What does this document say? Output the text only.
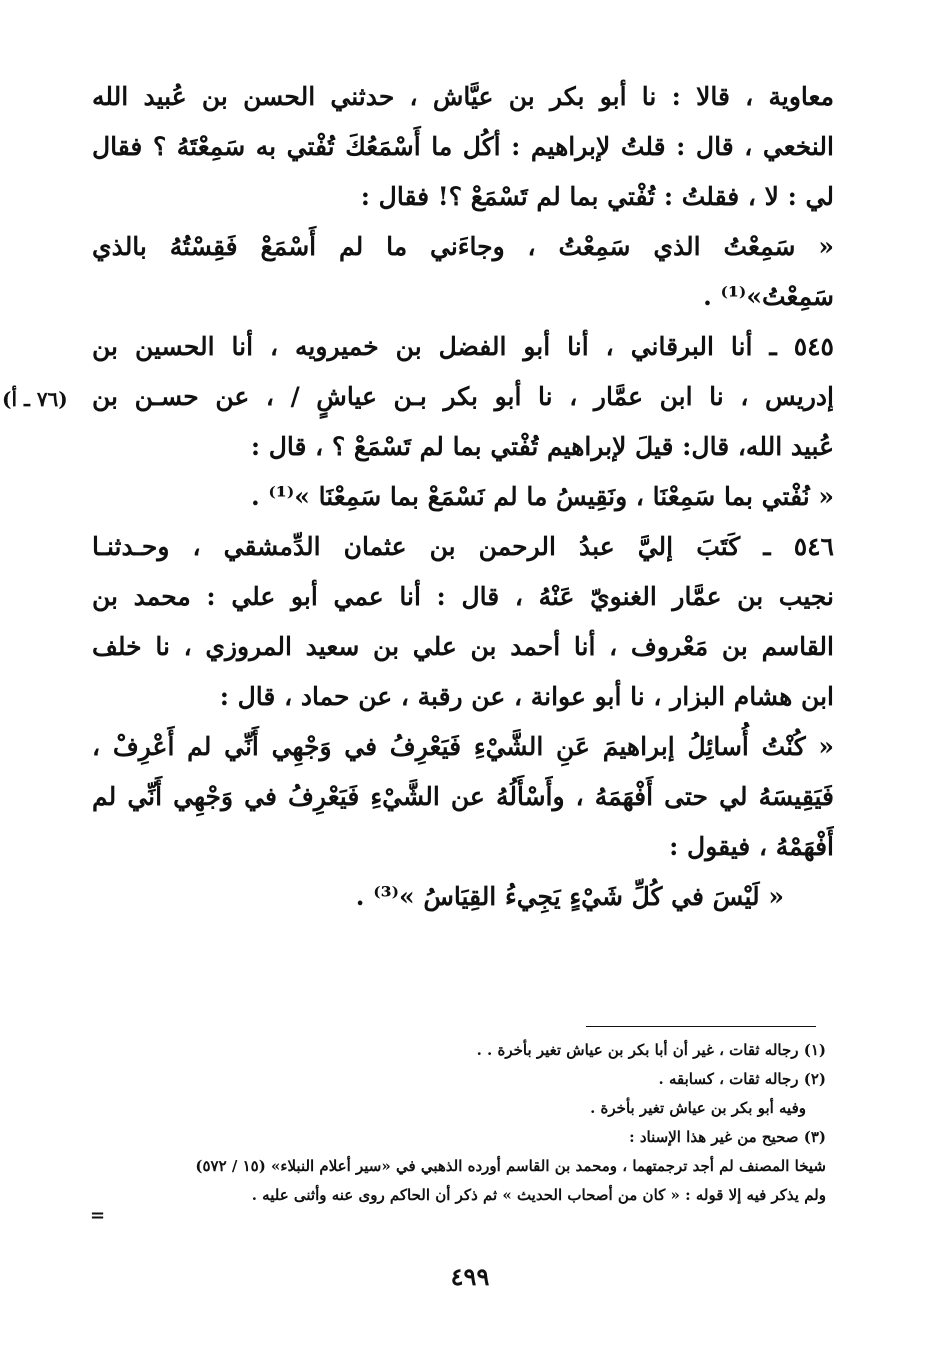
معاوية ، قالا : نا أبو بكر بن عيَّاش ، حدثني الحسن بن عُبيد الله
النخعي ، قال : قلتُ لإبراهيم : أكُل ما أَسْمَعُكَ تُفْتي به سَمِعْتَهُ ؟ فقال
لي : لا ، فقلتُ : تُفْتي بما لم تَسْمَعْ ؟! فقال :
« سَمِعْتُ الذي سَمِعْتُ ، وجاءَني ما لم أَسْمَعْ فَقِسْتُهُ بالذي
سَمِعْتُ»⁽¹⁾ .
٥٤٥ ـ أنا البرقاني ، أنا أبو الفضل بن خميرويه ، أنا الحسين بن
إدريس ، نا ابن عمَّار ، نا أبو بكر بـن عياشٍ / ، عن حسـن بن
عُبيد الله، قال: قيلَ لإبراهيم تُفْتي بما لم تَسْمَعْ ؟ ، قال :
« نُفْتي بما سَمِعْنَا ، ونَقِيسُ ما لم نَسْمَعْ بما سَمِعْنَا »⁽¹⁾ .
٥٤٦ ـ كَتَبَ إليَّ عبدُ الرحمن بن عثمان الدِّمشقي ، وحـدثنـا
نجيب بن عمَّار الغنويّ عَنْهُ ، قال : أنا عمي أبو علي : محمد بن
القاسم بن مَعْروف ، أنا أحمد بن علي بن سعيد المروزي ، نا خلف
ابن هشام البزار ، نا أبو عوانة ، عن رقبة ، عن حماد ، قال :
« كُنْتُ أُسائِلُ إبراهيمَ عَنِ الشَّيْءِ فَيَعْرِفُ في وَجْهِي أَنِّي لم أَعْرِفْ ،
فَيَقِيسَهُ لي حتى أَفْهَمَهُ ، وأَسْأَلُهُ عن الشَّيْءِ فَيَعْرِفُ في وَجْهِي أَنِّي لم
أَفْهَمْهُ ، فيقول :
« لَيْسَ في كُلِّ شَيْءٍ يَجِيءُ القِيَاسُ »⁽³⁾ .
(٧٦ ـ أ)
(١) رجاله ثقات ، غير أن أبا بكر بن عياش تغير بأخرة . .
(٢) رجاله ثقات ، كسابقه .
وفيه أبو بكر بن عياش تغير بأخرة .
(٣) صحيح من غير هذا الإسناد :
شيخا المصنف لم أجد ترجمتهما ، ومحمد بن القاسم أورده الذهبي في «سير أعلام النبلاء» (١٥ / ٥٧٢)
ولم يذكر فيه إلا قوله : « كان من أصحاب الحديث » ثم ذكر أن الحاكم روى عنه وأثنى عليه .
=
٤٩٩
